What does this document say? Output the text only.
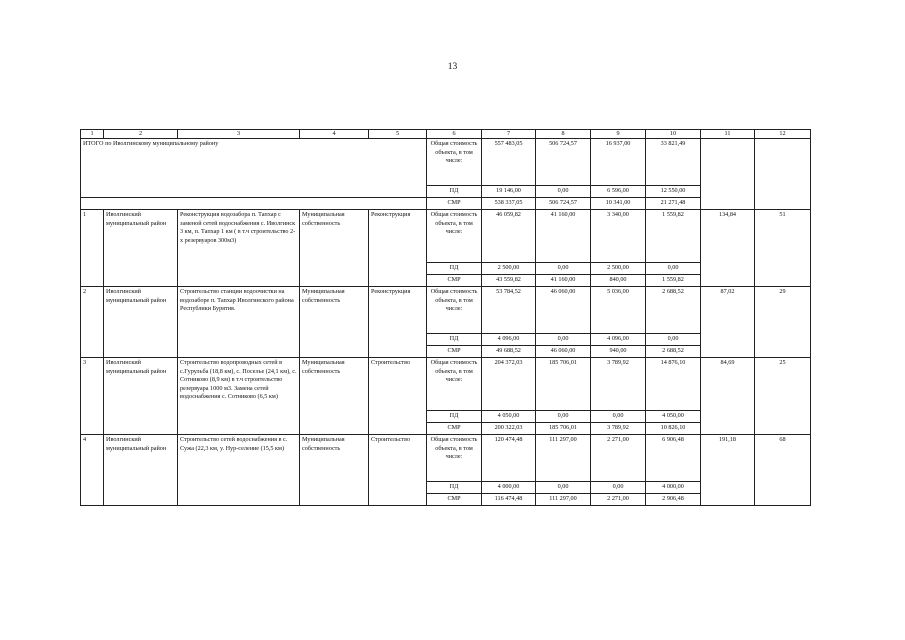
13
1	2	3	4	5	6	7	8	9	10	11	12
ИТОГО по Иволгинскому муниципальному району					Общая стоимость объекта, в том числе:	557 483,05	506 724,57	16 937,00	33 821,49		
					ПД	19 146,00	0,00	6 596,00	12 550,00		
					СМР	538 337,05	506 724,57	10 341,00	21 271,48		
1	Иволгинский муниципальный район	Реконструкция водозабора п. Тапхар с заменой сетей водоснабжения с. Иволгинск 3 км, п. Тапхар 1 км ( в т.ч строительство 2-х резервуаров 300м3)	Муниципальная собственность	Реконструкция	Общая стоимость объекта, в том числе:	46 059,82	41 160,00	3 340,00	1 559,82	134,84	51
					ПД	2 500,00	0,00	2 500,00	0,00		
					СМР	43 559,82	41 160,00	840,00	1 559,82		
2	Иволгинский муниципальный район	Строительство станции водоочистки на водозаборе п. Тапхар Иволгинского района Республики Бурятия.	Муниципальная собственность	Реконструкция	Общая стоимость объекта, в том числе:	53 784,52	46 060,00	5 036,00	2 688,52	87,02	29
					ПД	4 096,00	0,00	4 096,00	0,00		
					СМР	49 688,52	46 060,00	940,00	2 688,52		
3	Иволгинский муниципальный район	Строительство водопроводных сетей в с.Гурульба (18,8 км), с. Поселье (24,1 км), с. Сотниково (8,9 км) в т.ч строительство резервуара 1000 м3. Замена сетей водоснабжения с. Сотниково (6,5 км)	Муниципальная собственность	Строительство	Общая стоимость объекта, в том числе:	204 372,03	185 706,01	3 789,92	14 876,10	84,69	25
					ПД	4 050,00	0,00	0,00	4 050,00		
					СМР	200 322,03	185 706,01	3 789,92	10 826,10		
4	Иволгинский муниципальный район	Строительство сетей водоснабжения в с. Сужа (22,3 км, у. Нур-селение (15,5 км)	Муниципальная собственность	Строительство	Общая стоимость объекта, в том числе:	120 474,48	111 297,00	2 271,00	6 906,48	191,18	68
					ПД	4 000,00	0,00	0,00	4 000,00		
					СМР	116 474,48	111 297,00	2 271,00	2 906,48		
